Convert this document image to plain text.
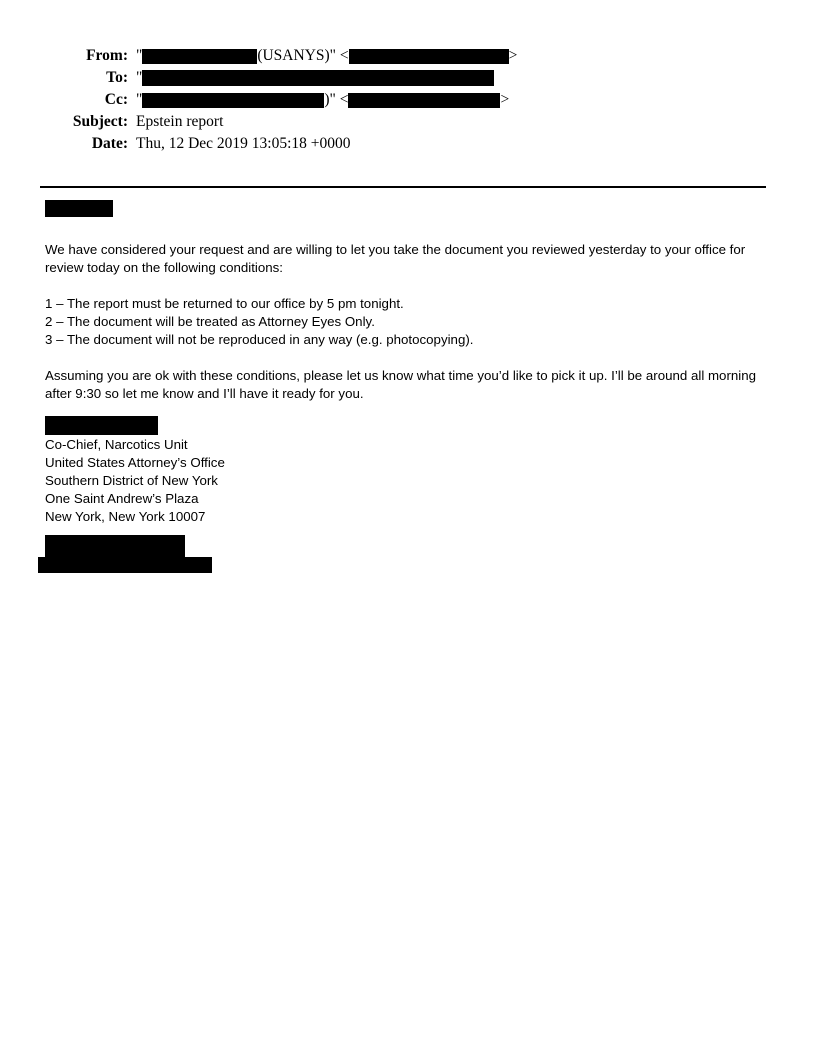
From: "	(USANYS)" <	>
To: "
Cc: "	)" <	>
Subject: Epstein report
Date: Thu, 12 Dec 2019 13:05:18 +0000

We have considered your request and are willing to let you take the document you reviewed yesterday to your office for review today on the following conditions:

1 – The report must be returned to our office by 5 pm tonight.
2 – The document will be treated as Attorney Eyes Only.
3 – The document will not be reproduced in any way (e.g. photocopying).

Assuming you are ok with these conditions, please let us know what time you’d like to pick it up. I’ll be around all morning after 9:30 so let me know and I’ll have it ready for you.

Co-Chief, Narcotics Unit
United States Attorney’s Office
Southern District of New York
One Saint Andrew’s Plaza
New York, New York 10007
